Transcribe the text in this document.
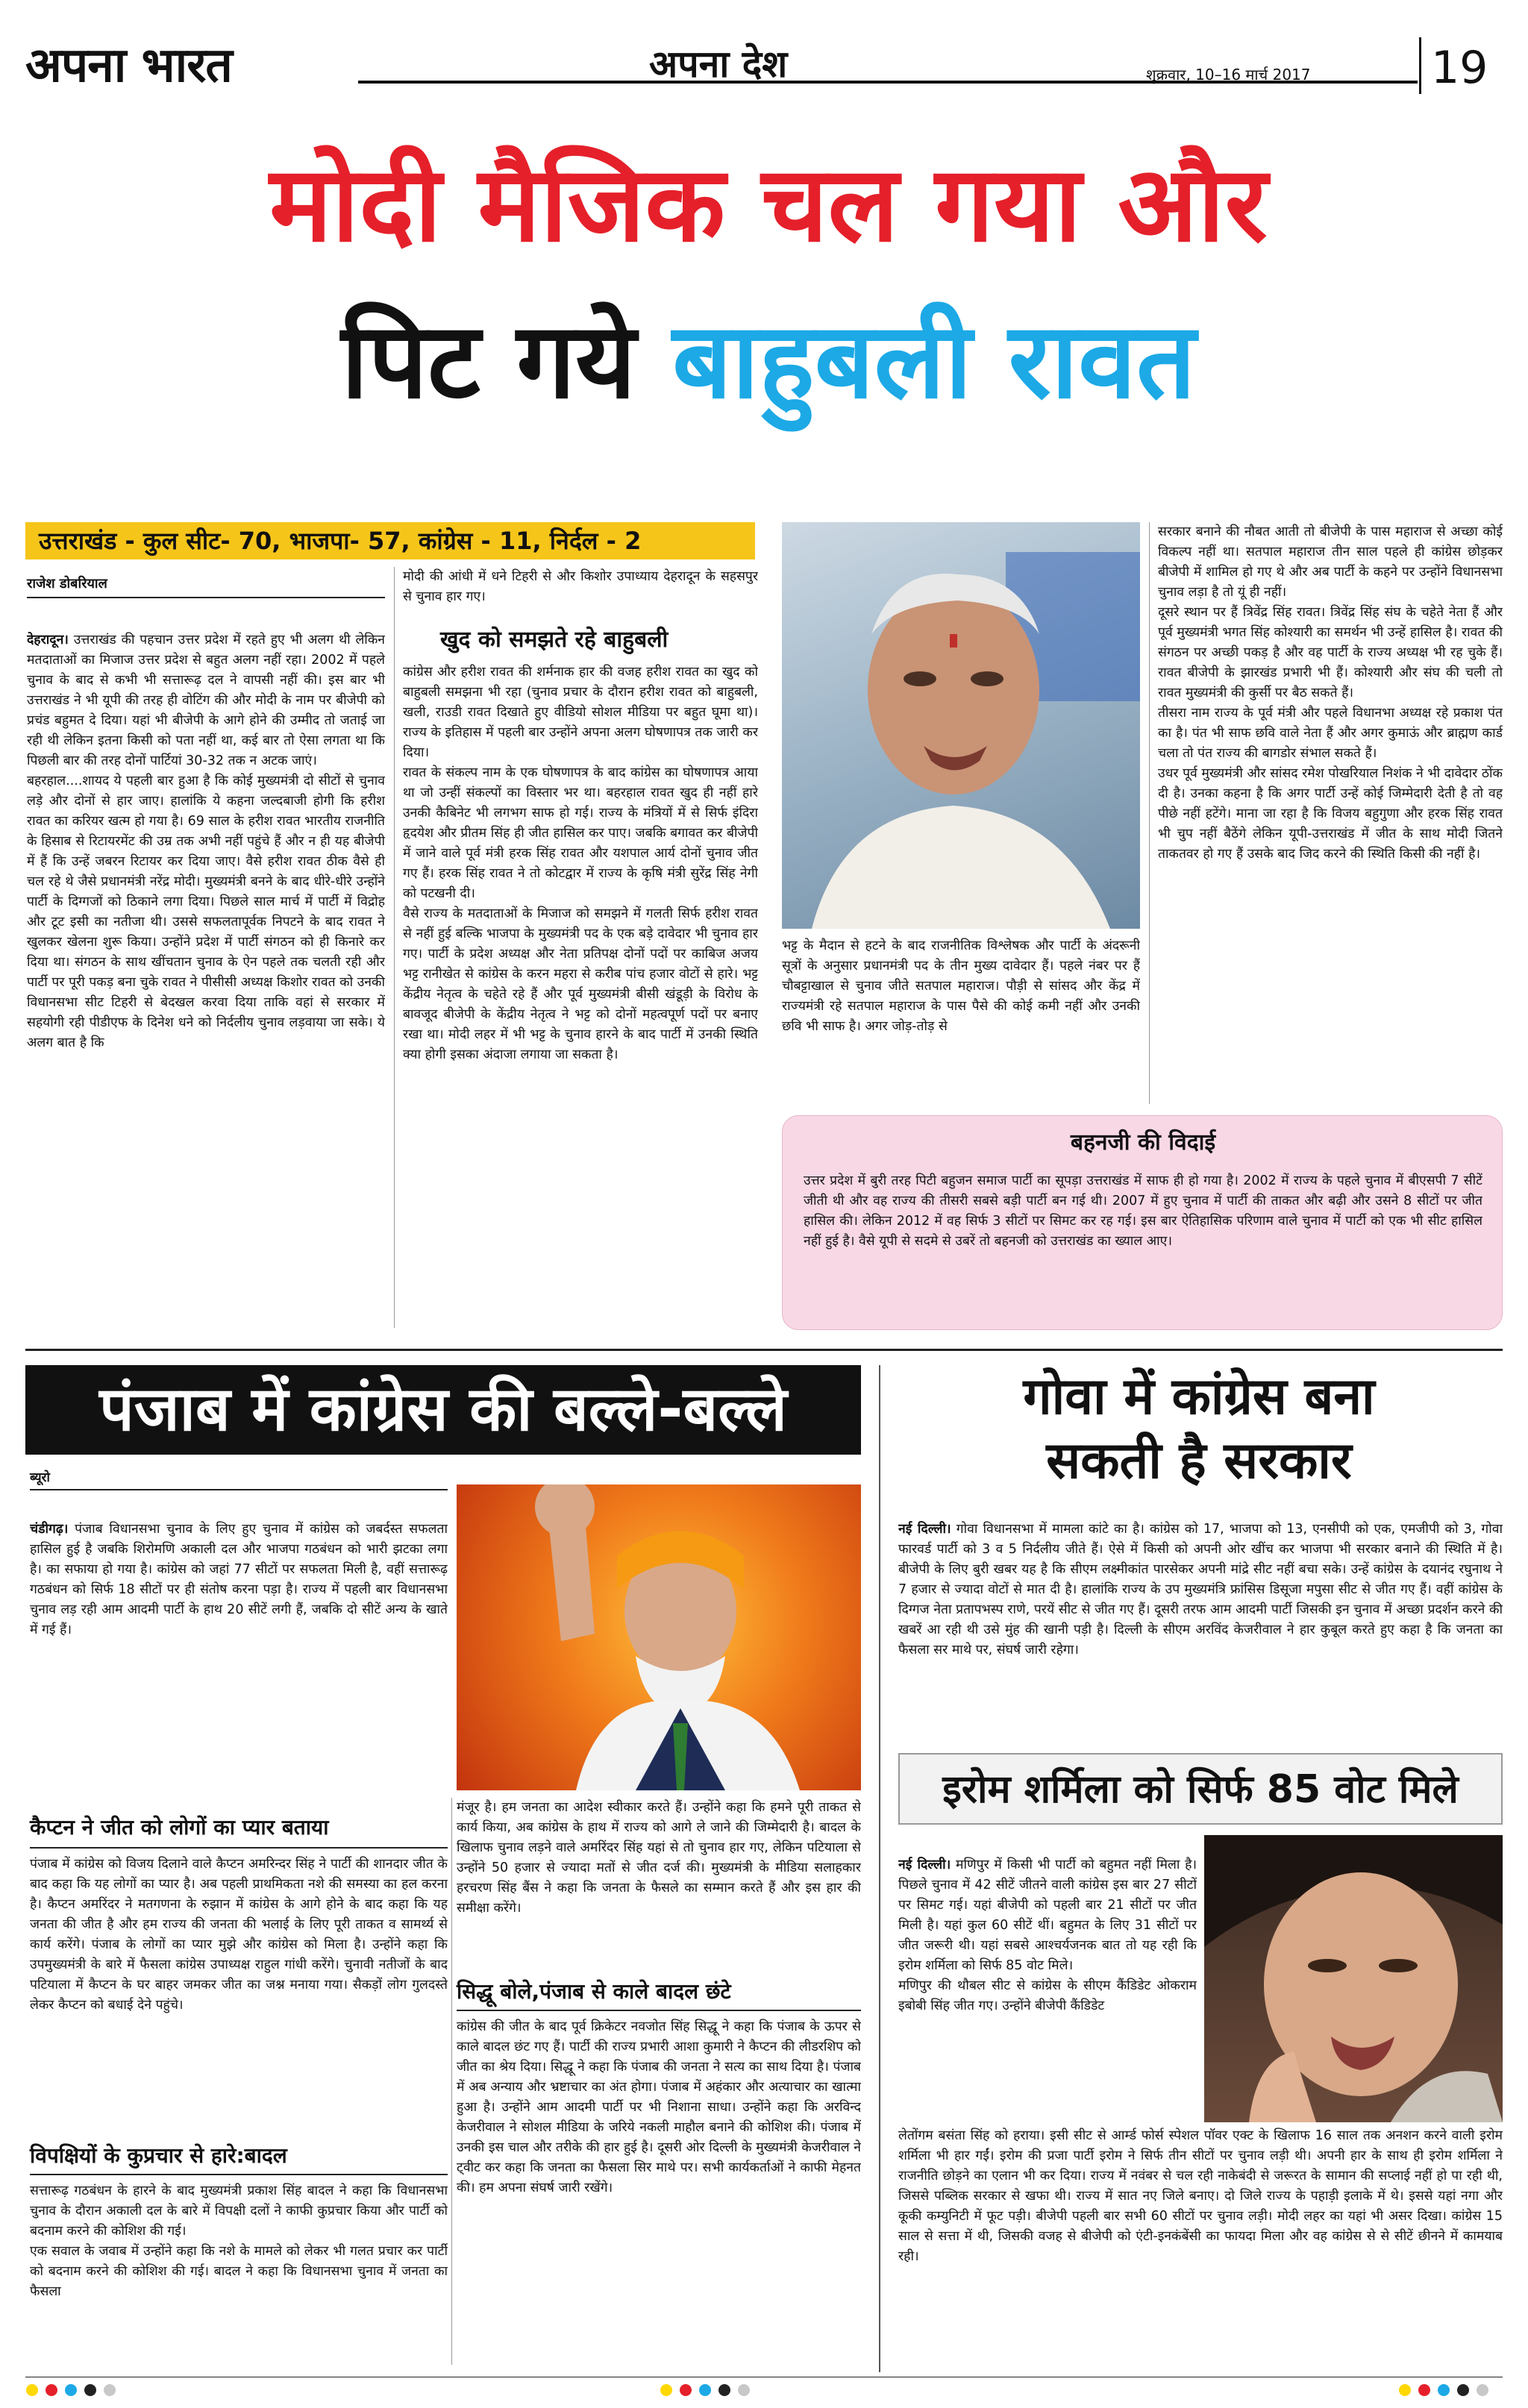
अपना भारत	अपना देश	शुक्रवार, 10–16 मार्च 2017	19
मोदी मैजिक चल गया और
पिट गये बाहुबली रावत
उत्तराखंड - कुल सीट- 70, भाजपा- 57, कांग्रेस - 11, निर्दल - 2
राजेश डोबरियाल

देहरादून। उत्तराखंड की पहचान उत्तर प्रदेश में रहते हुए भी अलग थी लेकिन मतदाताओं का मिजाज उत्तर प्रदेश से बहुत अलग नहीं रहा। 2002 में पहले चुनाव के बाद से कभी भी सत्तारूढ़ दल ने वापसी नहीं की। इस बार भी उत्तराखंड ने भी यूपी की तरह ही वोटिंग की और मोदी के नाम पर बीजेपी को प्रचंड बहुमत दे दिया। यहां भी बीजेपी के आगे होने की उम्मीद तो जताई जा रही थी लेकिन इतना किसी को पता नहीं था, कई बार तो ऐसा लगता था कि पिछली बार की तरह दोनों पार्टियां 30-32 तक न अटक जाएं।
बहरहाल....शायद ये पहली बार हुआ है कि कोई मुख्यमंत्री दो सीटों से चुनाव लड़े और दोनों से हार जाए। हालांकि ये कहना जल्दबाजी होगी कि हरीश रावत का करियर खत्म हो गया है। 69 साल के हरीश रावत भारतीय राजनीति के हिसाब से रिटायरमेंट की उम्र तक अभी नहीं पहुंचे हैं और न ही यह बीजेपी में हैं कि उन्हें जबरन रिटायर कर दिया जाए। वैसे हरीश रावत ठीक वैसे ही चल रहे थे जैसे प्रधानमंत्री नरेंद्र मोदी। मुख्यमंत्री बनने के बाद धीरे-धीरे उन्होंने पार्टी के दिग्गजों को ठिकाने लगा दिया। पिछले साल मार्च में पार्टी में विद्रोह और टूट इसी का नतीजा थी। उससे सफलतापूर्वक निपटने के बाद रावत ने खुलकर खेलना शुरू किया। उन्होंने प्रदेश में पार्टी संगठन को ही किनारे कर दिया था। संगठन के साथ खींचतान चुनाव के ऐन पहले तक चलती रही और पार्टी पर पूरी पकड़ बना चुके रावत ने पीसीसी अध्यक्ष किशोर रावत को उनकी विधानसभा सीट टिहरी से बेदखल करवा दिया ताकि वहां से सरकार में सहयोगी रही पीडीएफ के दिनेश धने को निर्दलीय चुनाव लड़वाया जा सके। ये अलग बात है कि

मोदी की आंधी में धने टिहरी से और किशोर उपाध्याय देहरादून के सहसपुर से चुनाव हार गए।
खुद को समझते रहे बाहुबली
कांग्रेस और हरीश रावत की शर्मनाक हार की वजह हरीश रावत का खुद को बाहुबली समझना भी रहा (चुनाव प्रचार के दौरान हरीश रावत को बाहुबली, खली, राउडी रावत दिखाते हुए वीडियो सोशल मीडिया पर बहुत घूमा था)। राज्य के इतिहास में पहली बार उन्होंने अपना अलग घोषणापत्र तक जारी कर दिया।
रावत के संकल्प नाम के एक घोषणापत्र के बाद कांग्रेस का घोषणापत्र आया था जो उन्हीं संकल्पों का विस्तार भर था। बहरहाल रावत खुद ही नहीं हारे उनकी कैबिनेट भी लगभग साफ हो गई। राज्य के मंत्रियों में से सिर्फ इंदिरा हृदयेश और प्रीतम सिंह ही जीत हासिल कर पाए। जबकि बगावत कर बीजेपी में जाने वाले पूर्व मंत्री हरक सिंह रावत और यशपाल आर्य दोनों चुनाव जीत गए हैं। हरक सिंह रावत ने तो कोटद्वार में राज्य के कृषि मंत्री सुरेंद्र सिंह नेगी को पटखनी दी।
वैसे राज्य के मतदाताओं के मिजाज को समझने में गलती सिर्फ हरीश रावत से नहीं हुई बल्कि भाजपा के मुख्यमंत्री पद के एक बड़े दावेदार भी चुनाव हार गए। पार्टी के प्रदेश अध्यक्ष और नेता प्रतिपक्ष दोनों पदों पर काबिज अजय भट्ट रानीखेत से कांग्रेस के करन महरा से करीब पांच हजार वोटों से हारे। भट्ट केंद्रीय नेतृत्व के चहेते रहे हैं और पूर्व मुख्यमंत्री बीसी खंडूड़ी के विरोध के बावजूद बीजेपी के केंद्रीय नेतृत्व ने भट्ट को दोनों महत्वपूर्ण पदों पर बनाए रखा था। मोदी लहर में भी भट्ट के चुनाव हारने के बाद पार्टी में उनकी स्थिति क्या होगी इसका अंदाजा लगाया जा सकता है।
भट्ट के मैदान से हटने के बाद राजनीतिक विश्लेषक और पार्टी के अंदरूनी सूत्रों के अनुसार प्रधानमंत्री पद के तीन मुख्य दावेदार हैं। पहले नंबर पर हैं चौबट्टाखाल से चुनाव जीते सतपाल महाराज। पौड़ी से सांसद और केंद्र में राज्यमंत्री रहे सतपाल महाराज के पास पैसे की कोई कमी नहीं और उनकी छवि भी साफ है। अगर जोड़-तोड़ से
सरकार बनाने की नौबत आती तो बीजेपी के पास महाराज से अच्छा कोई विकल्प नहीं था। सतपाल महाराज तीन साल पहले ही कांग्रेस छोड़कर बीजेपी में शामिल हो गए थे और अब पार्टी के कहने पर उन्होंने विधानसभा चुनाव लड़ा है तो यूं ही नहीं।
दूसरे स्थान पर हैं त्रिवेंद्र सिंह रावत। त्रिवेंद्र सिंह संघ के चहेते नेता हैं और पूर्व मुख्यमंत्री भगत सिंह कोश्यारी का समर्थन भी उन्हें हासिल है। रावत की संगठन पर अच्छी पकड़ है और वह पार्टी के राज्य अध्यक्ष भी रह चुके हैं। रावत बीजेपी के झारखंड प्रभारी भी हैं। कोश्यारी और संघ की चली तो रावत मुख्यमंत्री की कुर्सी पर बैठ सकते हैं।
तीसरा नाम राज्य के पूर्व मंत्री और पहले विधानभा अध्यक्ष रहे प्रकाश पंत का है। पंत भी साफ छवि वाले नेता हैं और अगर कुमाऊं और ब्राह्मण कार्ड चला तो पंत राज्य की बागडोर संभाल सकते हैं।
उधर पूर्व मुख्यमंत्री और सांसद रमेश पोखरियाल निशंक ने भी दावेदार ठोंक दी है। उनका कहना है कि अगर पार्टी उन्हें कोई जिम्मेदारी देती है तो वह पीछे नहीं हटेंगे। माना जा रहा है कि विजय बहुगुणा और हरक सिंह रावत भी चुप नहीं बैठेंगे लेकिन यूपी-उत्तराखंड में जीत के साथ मोदी जितने ताकतवर हो गए हैं उसके बाद जिद करने की स्थिति किसी की नहीं है।
बहनजी की विदाई
उत्तर प्रदेश में बुरी तरह पिटी बहुजन समाज पार्टी का सूपड़ा उत्तराखंड में साफ ही हो गया है। 2002 में राज्य के पहले चुनाव में बीएसपी 7 सीटें जीती थी और वह राज्य की तीसरी सबसे बड़ी पार्टी बन गई थी। 2007 में हुए चुनाव में पार्टी की ताकत और बढ़ी और उसने 8 सीटों पर जीत हासिल की। लेकिन 2012 में वह सिर्फ 3 सीटों पर सिमट कर रह गई। इस बार ऐतिहासिक परिणाम वाले चुनाव में पार्टी को एक भी सीट हासिल नहीं हुई है। वैसे यूपी से सदमे से उबरें तो बहनजी को उत्तराखंड का ख्याल आए।
पंजाब में कांग्रेस की बल्ले-बल्ले
ब्यूरो

चंडीगढ़। पंजाब विधानसभा चुनाव के लिए हुए चुनाव में कांग्रेस को जबर्दस्त सफलता हासिल हुई है जबकि शिरोमणि अकाली दल और भाजपा गठबंधन को भारी झटका लगा है। का सफाया हो गया है। कांग्रेस को जहां 77 सीटों पर सफलता मिली है, वहीं सत्तारूढ़ गठबंधन को सिर्फ 18 सीटों पर ही संतोष करना पड़ा है। राज्य में पहली बार विधानसभा चुनाव लड़ रही आम आदमी पार्टी के हाथ 20 सीटें लगी हैं, जबकि दो सीटें अन्य के खाते में गई हैं।

कैप्टन ने जीत को लोगों का प्यार बताया
पंजाब में कांग्रेस को विजय दिलाने वाले कैप्टन अमरिन्दर सिंह ने पार्टी की शानदार जीत के बाद कहा कि यह लोगों का प्यार है। अब पहली प्राथमिकता नशे की समस्या का हल करना है। कैप्टन अमरिंदर ने मतगणना के रुझान में कांग्रेस के आगे होने के बाद कहा कि यह जनता की जीत है और हम राज्य की जनता की भलाई के लिए पूरी ताकत व सामर्थ्य से कार्य करेंगे। पंजाब के लोगों का प्यार मुझे और कांग्रेस को मिला है। उन्होंने कहा कि उपमुख्यमंत्री के बारे में फैसला कांग्रेस उपाध्यक्ष राहुल गांधी करेंगे। चुनावी नतीजों के बाद पटियाला में कैप्टन के घर बाहर जमकर जीत का जश्न मनाया गया। सैकड़ों लोग गुलदस्ते लेकर कैप्टन को बधाई देने पहुंचे।
विपक्षियों के कुप्रचार से हारे:बादल
सत्तारूढ़ गठबंधन के हारने के बाद मुख्यमंत्री प्रकाश सिंह बादल ने कहा कि विधानसभा चुनाव के दौरान अकाली दल के बारे में विपक्षी दलों ने काफी कुप्रचार किया और पार्टी को बदनाम करने की कोशिश की गई।
एक सवाल के जवाब में उन्होंने कहा कि नशे के मामले को लेकर भी गलत प्रचार कर पार्टी को बदनाम करने की कोशिश की गई। बादल ने कहा कि विधानसभा चुनाव में जनता का फैसला
मंजूर है। हम जनता का आदेश स्वीकार करते हैं। उन्होंने कहा कि हमने पूरी ताकत से कार्य किया, अब कांग्रेस के हाथ में राज्य को आगे ले जाने की जिम्मेदारी है। बादल के खिलाफ चुनाव लड़ने वाले अमरिंदर सिंह यहां से तो चुनाव हार गए, लेकिन पटियाला से उन्होंने 50 हजार से ज्यादा मतों से जीत दर्ज की। मुख्यमंत्री के मीडिया सलाहकार हरचरण सिंह बैंस ने कहा कि जनता के फैसले का सम्मान करते हैं और इस हार की समीक्षा करेंगे।
सिद्धू बोले,पंजाब से काले बादल छंटे
कांग्रेस की जीत के बाद पूर्व क्रिकेटर नवजोत सिंह सिद्धू ने कहा कि पंजाब के ऊपर से काले बादल छंट गए हैं। पार्टी की राज्य प्रभारी आशा कुमारी ने कैप्टन की लीडरशिप को जीत का श्रेय दिया। सिद्धू ने कहा कि पंजाब की जनता ने सत्य का साथ दिया है। पंजाब में अब अन्याय और भ्रष्टाचार का अंत होगा। पंजाब में अहंकार और अत्याचार का खात्मा हुआ है। उन्होंने आम आदमी पार्टी पर भी निशाना साधा। उन्होंने कहा कि अरविन्द केजरीवाल ने सोशल मीडिया के जरिये नकली माहौल बनाने की कोशिश की। पंजाब में उनकी इस चाल और तरीके की हार हुई है। दूसरी ओर दिल्ली के मुख्यमंत्री केजरीवाल ने ट्वीट कर कहा कि जनता का फैसला सिर माथे पर। सभी कार्यकर्ताओं ने काफी मेहनत की। हम अपना संघर्ष जारी रखेंगे।
गोवा में कांग्रेस बना
सकती है सरकार

नई दिल्ली। गोवा विधानसभा में मामला कांटे का है। कांग्रेस को 17, भाजपा को 13, एनसीपी को एक, एमजीपी को 3, गोवा फारवर्ड पार्टी को 3 व 5 निर्दलीय जीते हैं। ऐसे में किसी को अपनी ओर खींच कर भाजपा भी सरकार बनाने की स्थिति में है। बीजेपी के लिए बुरी खबर यह है कि सीएम लक्ष्मीकांत पारसेकर अपनी मांद्रे सीट नहीं बचा सके। उन्हें कांग्रेस के दयानंद रघुनाथ ने 7 हजार से ज्यादा वोटों से मात दी है। हालांकि राज्य के उप मुख्यमंत्रि फ्रांसिस डिसूजा मपुसा सीट से जीत गए हैं। वहीं कांग्रेस के दिग्गज नेता प्रतापभस्प राणे, परयें सीट से जीत गए हैं। दूसरी तरफ आम आदमी पार्टी जिसकी इन चुनाव में अच्छा प्रदर्शन करने की खबरें आ रही थी उसे मुंह की खानी पड़ी है। दिल्ली के सीएम अरविंद केजरीवाल ने हार कुबूल करते हुए कहा है कि जनता का फैसला सर माथे पर, संघर्ष जारी रहेगा।

इरोम शर्मिला को सिर्फ 85 वोट मिले

नई दिल्ली। मणिपुर में किसी भी पार्टी को बहुमत नहीं मिला है। पिछले चुनाव में 42 सीटें जीतने वाली कांग्रेस इस बार 27 सीटों पर सिमट गई। यहां बीजेपी को पहली बार 21 सीटों पर जीत मिली है। यहां कुल 60 सीटें थीं। बहुमत के लिए 31 सीटों पर जीत जरूरी थी। यहां सबसे आश्चर्यजनक बात तो यह रही कि इरोम शर्मिला को सिर्फ 85 वोट मिले।
मणिपुर की थौबल सीट से कांग्रेस के सीएम कैंडिडेट ओकराम इबोबी सिंह जीत गए। उन्होंने बीजेपी कैंडिडेट

लेतोंगम बसंता सिंह को हराया। इसी सीट से आर्म्ड फोर्स स्पेशल पॉवर एक्ट के खिलाफ 16 साल तक अनशन करने वाली इरोम शर्मिला भी हार गईं। इरोम की प्रजा पार्टी इरोम ने सिर्फ तीन सीटों पर चुनाव लड़ी थी। अपनी हार के साथ ही इरोम शर्मिला ने राजनीति छोड़ने का एलान भी कर दिया। राज्य में नवंबर से चल रही नाकेबंदी से जरूरत के सामान की सप्लाई नहीं हो पा रही थी, जिससे पब्लिक सरकार से खफा थी। राज्य में सात नए जिले बनाए। दो जिले राज्य के पहाड़ी इलाके में थे। इससे यहां नगा और कूकी कम्युनिटी में फूट पड़ी। बीजेपी पहली बार सभी 60 सीटों पर चुनाव लड़ी। मोदी लहर का यहां भी असर दिखा। कांग्रेस 15 साल से सत्ता में थी, जिसकी वजह से बीजेपी को एंटी-इनकंबेंसी का फायदा मिला और वह कांग्रेस से से सीटें छीनने में कामयाब रही।
